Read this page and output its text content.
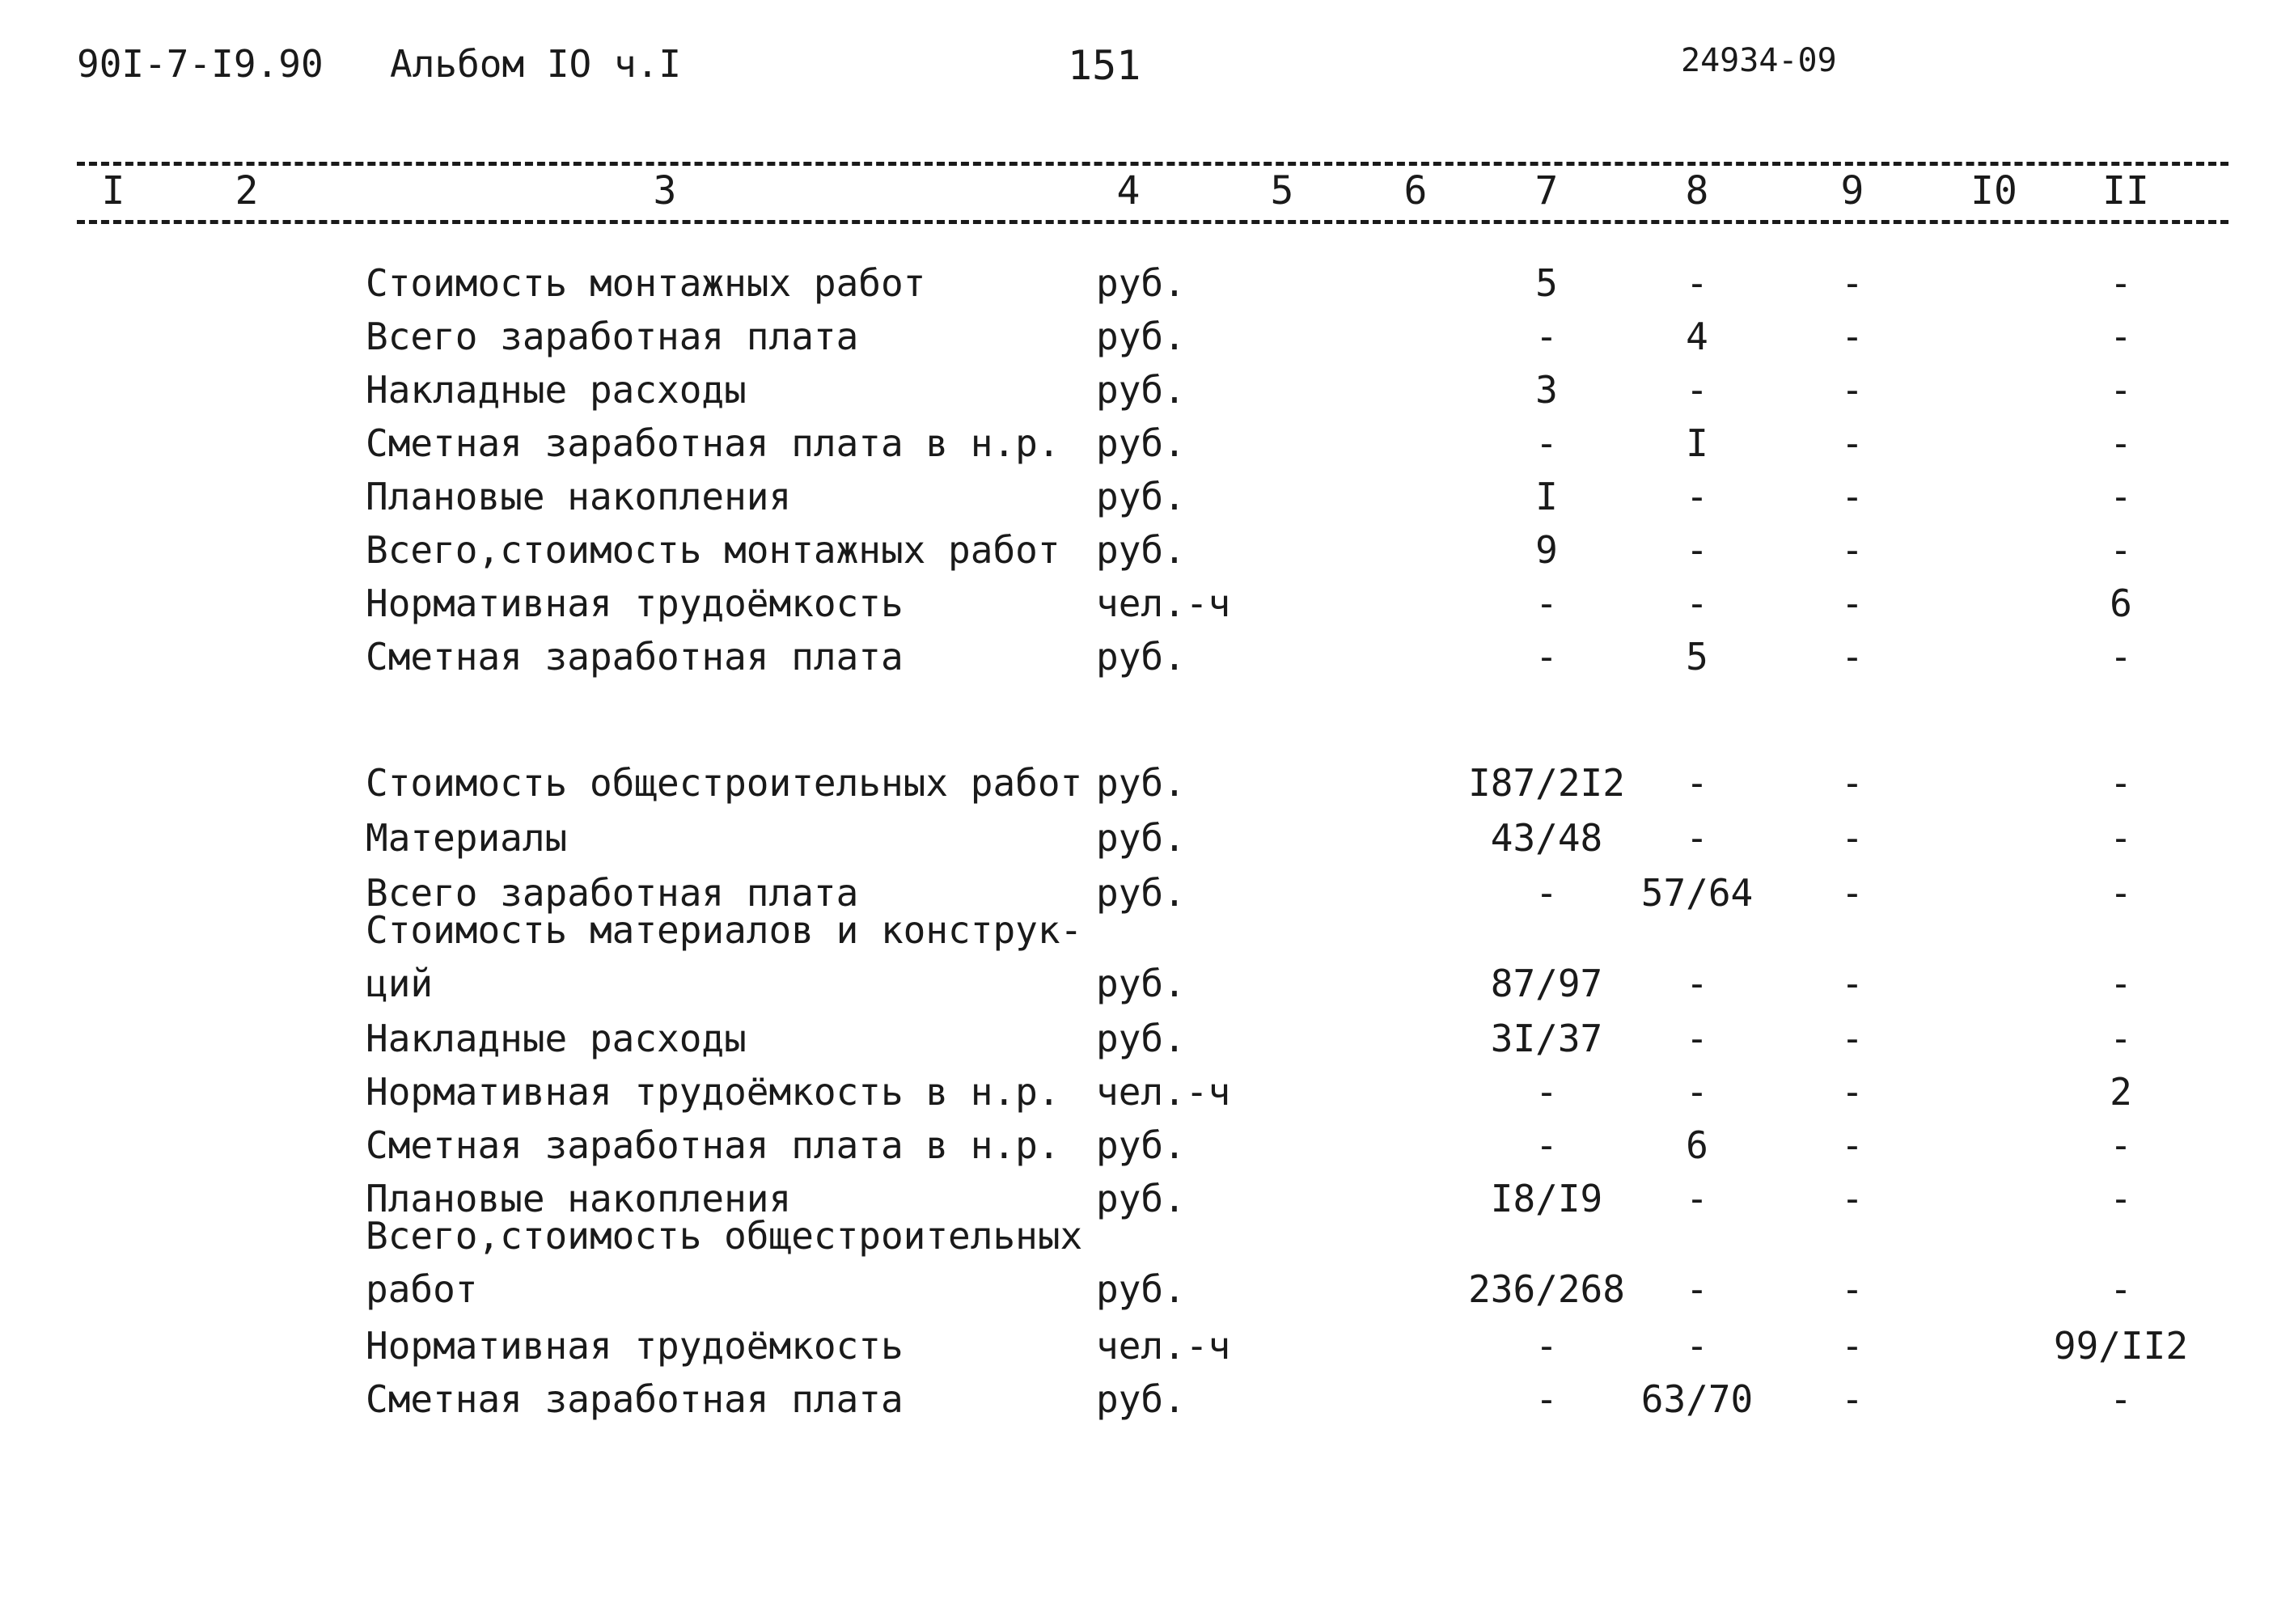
90I-7-I9.90 Альбом IО ч.I	151	24934-09
I	2	3	4	5	6	7	8	9	I0	II
Стоимость монтажных работ	руб.	5	-	-	-
Всего заработная плата	руб.	-	4	-	-
Накладные расходы	руб.	3	-	-	-
Сметная заработная плата в н.р. руб.	-	I	-	-
Плановые накопления	руб.	I	-	-	-
Всего,стоимость монтажных работ руб.	9	-	-	-
Нормативная трудоёмкость	чел.-ч	-	-	-	6
Сметная заработная плата	руб.	-	5	-	-
Стоимость общестроительных работ руб.	I87/2I2	-	-	-
Материалы	руб.	43/48	-	-	-
Всего заработная плата	руб.	-	57/64	-	-
Стоимость материалов и конструк-
ций	руб.	87/97	-	-	-
Накладные расходы	руб.	3I/37	-	-	-
Нормативная трудоёмкость в н.р. чел.-ч	-	-	-	2
Сметная заработная плата в н.р. руб.	-	6	-	-
Плановые накопления	руб.	I8/I9	-	-	-
Всего,стоимость общестроительных
работ	руб.	236/268	-	-	-
Нормативная трудоёмкость	чел.-ч	-	-	-	99/II2
Сметная заработная плата	руб.	-	63/70	-	-
